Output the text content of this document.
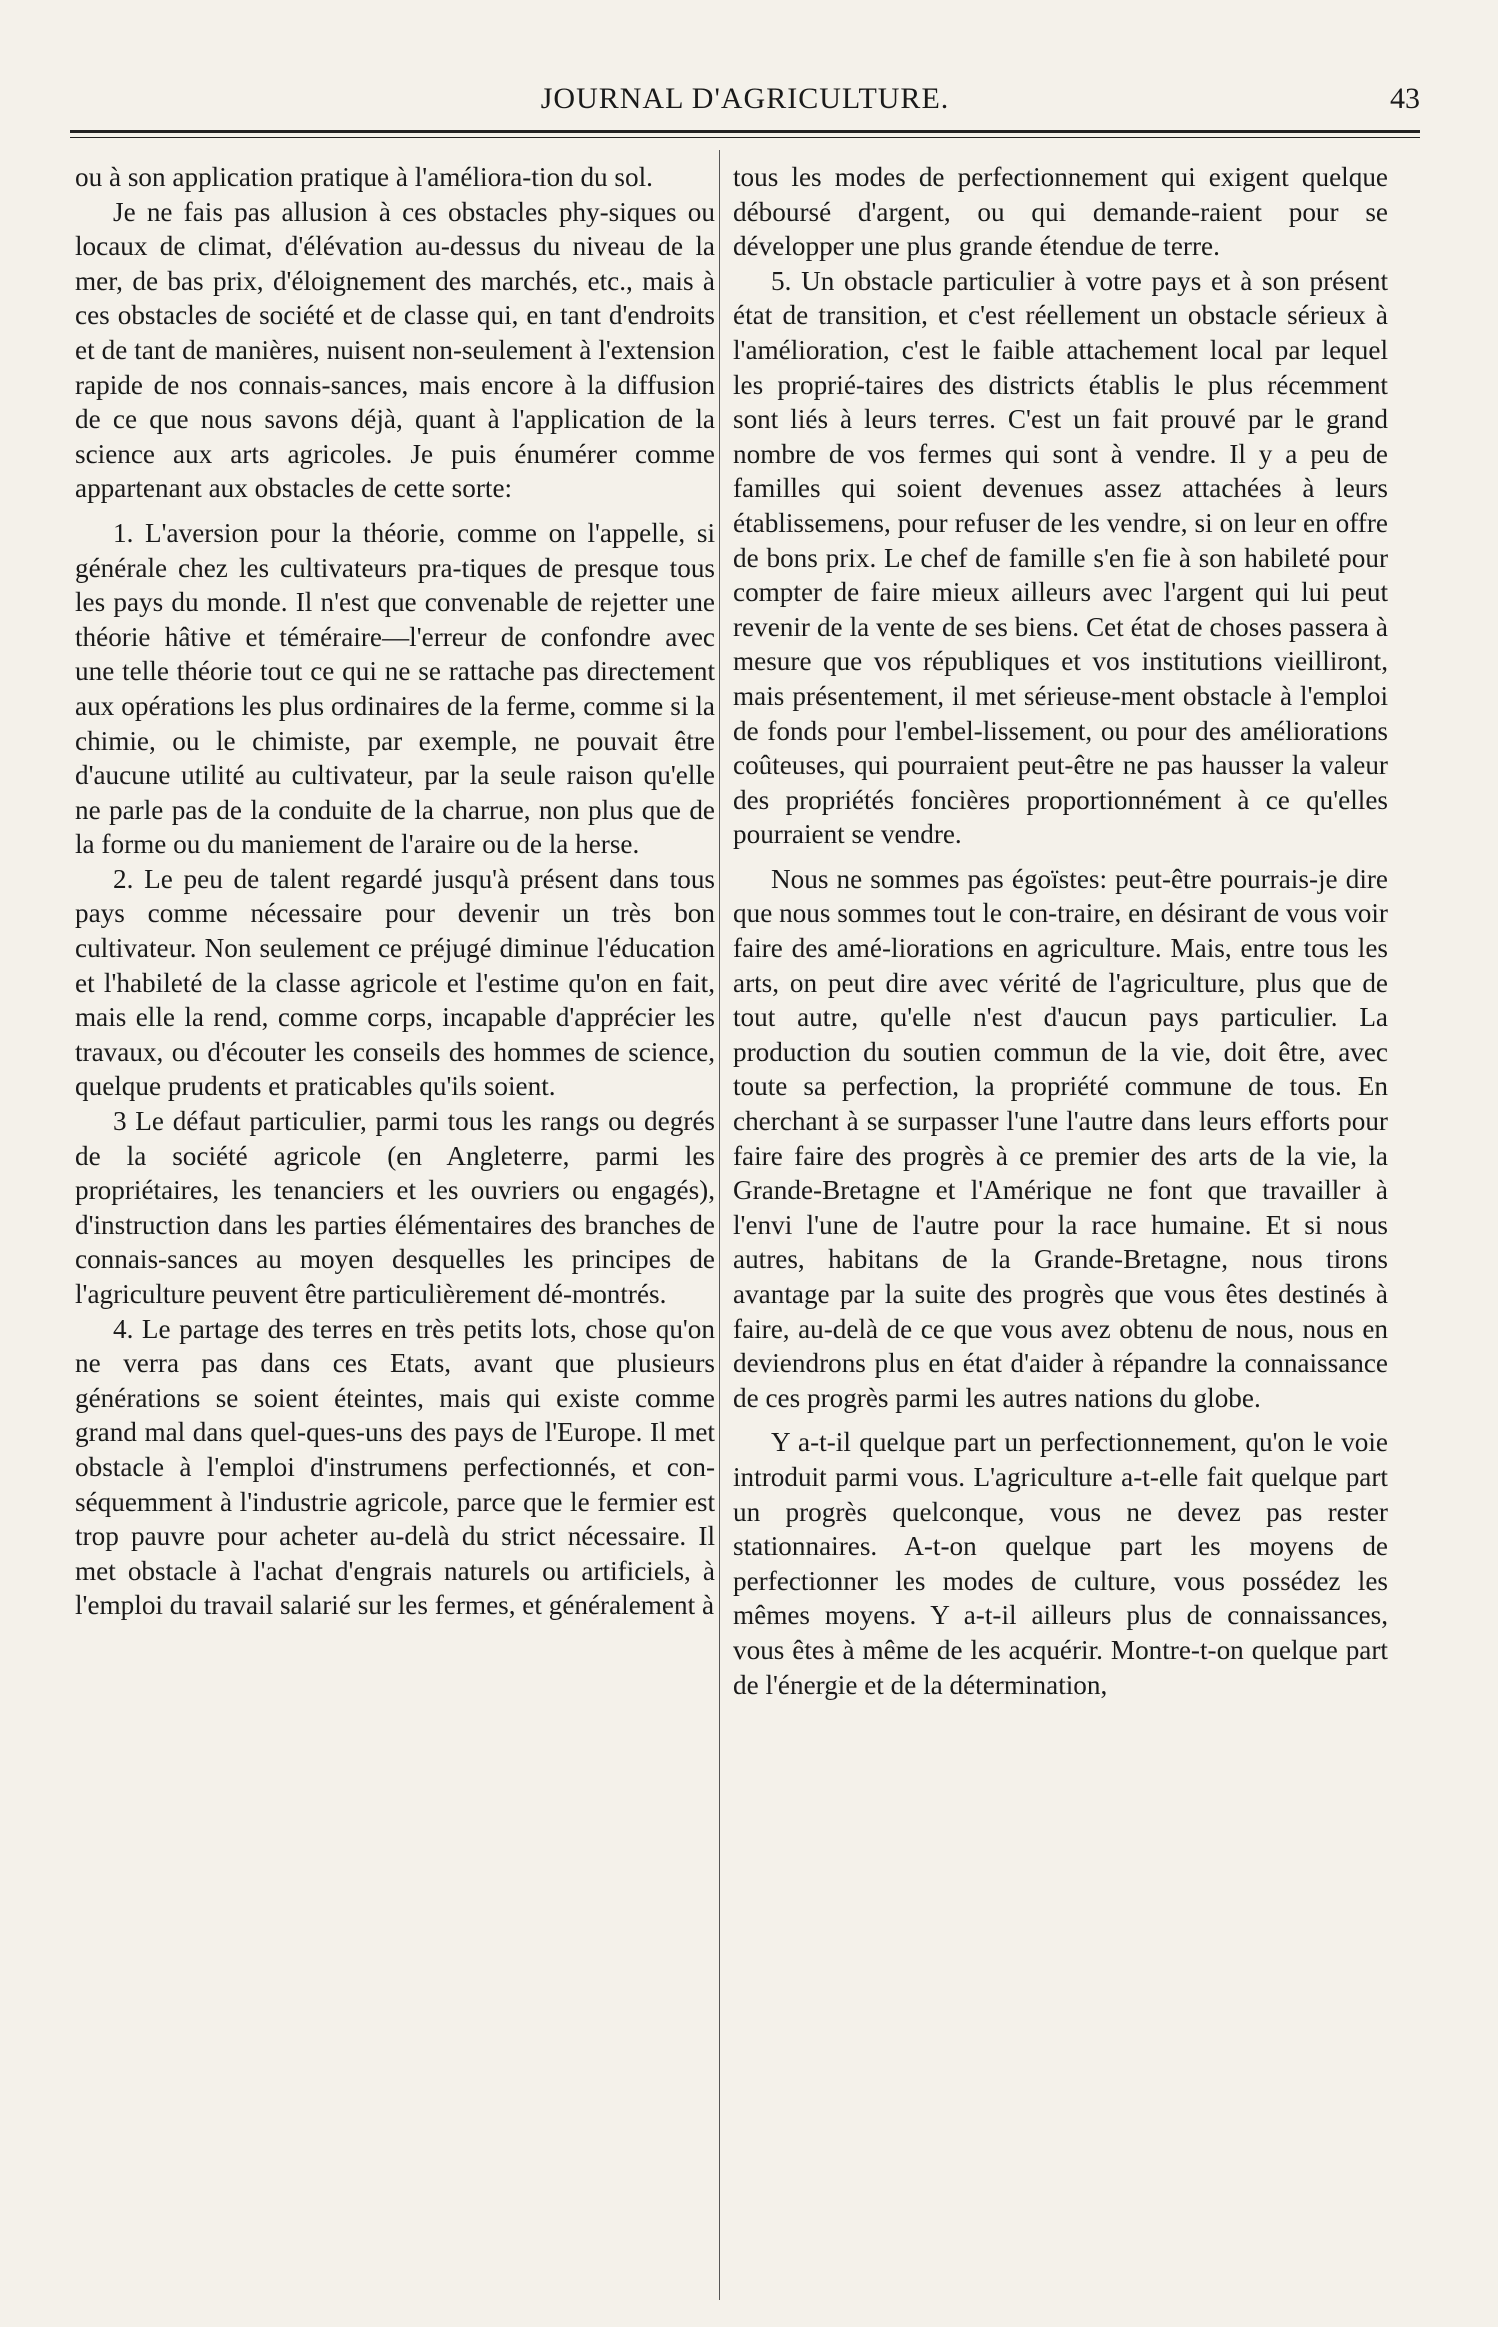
JOURNAL D'AGRICULTURE.	43

ou à son application pratique à l'améliora-tion du sol.

Je ne fais pas allusion à ces obstacles phy-siques ou locaux de climat, d'élévation au-dessus du niveau de la mer, de bas prix, d'éloignement des marchés, etc., mais à ces obstacles de société et de classe qui, en tant d'endroits et de tant de manières, nuisent non-seulement à l'extension rapide de nos connais-sances, mais encore à la diffusion de ce que nous savons déjà, quant à l'application de la science aux arts agricoles. Je puis énumérer comme appartenant aux obstacles de cette sorte:

1. L'aversion pour la théorie, comme on l'appelle, si générale chez les cultivateurs pra-tiques de presque tous les pays du monde. Il n'est que convenable de rejetter une théorie hâtive et téméraire—l'erreur de confondre avec une telle théorie tout ce qui ne se rattache pas directement aux opérations les plus ordinaires de la ferme, comme si la chimie, ou le chimiste, par exemple, ne pouvait être d'aucune utilité au cultivateur, par la seule raison qu'elle ne parle pas de la conduite de la charrue, non plus que de la forme ou du maniement de l'araire ou de la herse.

2. Le peu de talent regardé jusqu'à présent dans tous pays comme nécessaire pour devenir un très bon cultivateur. Non seulement ce préjugé diminue l'éducation et l'habileté de la classe agricole et l'estime qu'on en fait, mais elle la rend, comme corps, incapable d'apprécier les travaux, ou d'écouter les conseils des hommes de science, quelque prudents et praticables qu'ils soient.

3 Le défaut particulier, parmi tous les rangs ou degrés de la société agricole (en Angleterre, parmi les propriétaires, les tenanciers et les ouvriers ou engagés), d'instruction dans les parties élémentaires des branches de connais-sances au moyen desquelles les principes de l'agriculture peuvent être particulièrement dé-montrés.

4. Le partage des terres en très petits lots, chose qu'on ne verra pas dans ces Etats, avant que plusieurs générations se soient éteintes, mais qui existe comme grand mal dans quel-ques-uns des pays de l'Europe. Il met obstacle à l'emploi d'instrumens perfectionnés, et con-séquemment à l'industrie agricole, parce que le fermier est trop pauvre pour acheter au-delà du strict nécessaire. Il met obstacle à l'achat d'engrais naturels ou artificiels, à l'emploi du travail salarié sur les fermes, et généralement à

tous les modes de perfectionnement qui exigent quelque déboursé d'argent, ou qui demande-raient pour se développer une plus grande étendue de terre.

5. Un obstacle particulier à votre pays et à son présent état de transition, et c'est réellement un obstacle sérieux à l'amélioration, c'est le faible attachement local par lequel les proprié-taires des districts établis le plus récemment sont liés à leurs terres. C'est un fait prouvé par le grand nombre de vos fermes qui sont à vendre. Il y a peu de familles qui soient devenues assez attachées à leurs établissemens, pour refuser de les vendre, si on leur en offre de bons prix. Le chef de famille s'en fie à son habileté pour compter de faire mieux ailleurs avec l'argent qui lui peut revenir de la vente de ses biens. Cet état de choses passera à mesure que vos républiques et vos institutions vieilliront, mais présentement, il met sérieuse-ment obstacle à l'emploi de fonds pour l'embel-lissement, ou pour des améliorations coûteuses, qui pourraient peut-être ne pas hausser la valeur des propriétés foncières proportionnément à ce qu'elles pourraient se vendre.

Nous ne sommes pas égoïstes: peut-être pourrais-je dire que nous sommes tout le con-traire, en désirant de vous voir faire des amé-liorations en agriculture. Mais, entre tous les arts, on peut dire avec vérité de l'agriculture, plus que de tout autre, qu'elle n'est d'aucun pays particulier. La production du soutien commun de la vie, doit être, avec toute sa perfection, la propriété commune de tous. En cherchant à se surpasser l'une l'autre dans leurs efforts pour faire faire des progrès à ce premier des arts de la vie, la Grande-Bretagne et l'Amérique ne font que travailler à l'envi l'une de l'autre pour la race humaine. Et si nous autres, habitans de la Grande-Bretagne, nous tirons avantage par la suite des progrès que vous êtes destinés à faire, au-delà de ce que vous avez obtenu de nous, nous en deviendrons plus en état d'aider à répandre la connaissance de ces progrès parmi les autres nations du globe.

Y a-t-il quelque part un perfectionnement, qu'on le voie introduit parmi vous. L'agriculture a-t-elle fait quelque part un progrès quelconque, vous ne devez pas rester stationnaires. A-t-on quelque part les moyens de perfectionner les modes de culture, vous possédez les mêmes moyens. Y a-t-il ailleurs plus de connaissances, vous êtes à même de les acquérir. Montre-t-on quelque part de l'énergie et de la détermination,
